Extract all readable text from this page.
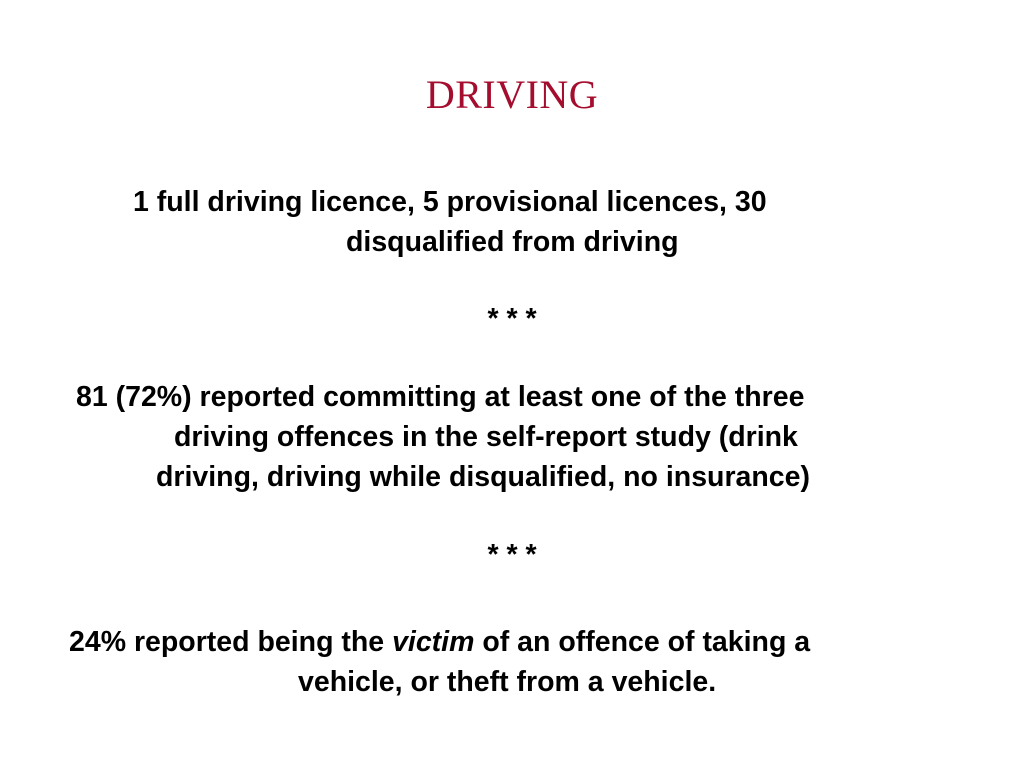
DRIVING
1 full driving licence, 5 provisional licences, 30
disqualified from driving
* * *
81 (72%) reported committing at least one of the three
driving offences in the self-report study (drink
driving, driving while disqualified, no insurance)
* * *
24% reported being the victim of an offence of taking a
vehicle, or theft from a vehicle.
